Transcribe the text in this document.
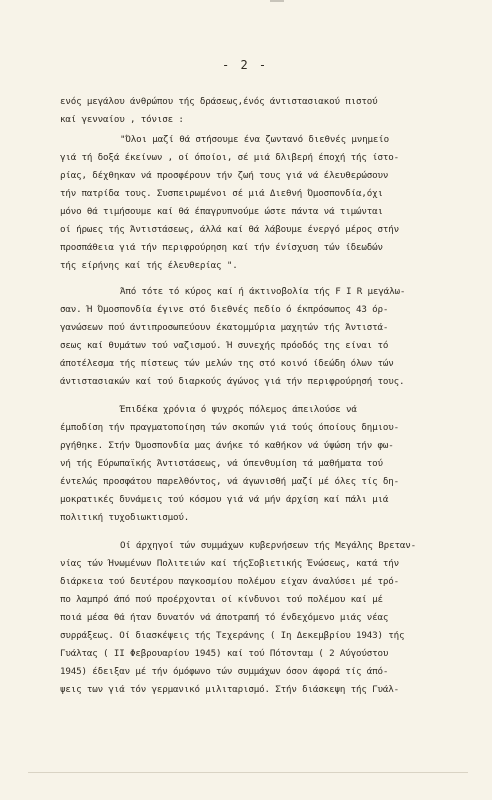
- 2 -
ενός μεγάλου άνθρώπου τής δράσεως,ένός άντιστασιακού πιστού
καί γενναίου , τόνισε :
"Όλοι μαζί θά στήσουμε ένα ζωντανό διεθνές μνημείο
γιά τή δοξά έκείνων , οί όποίοι, σέ μιά δλιβερή έποχή τής ίστο-
ρίας, δέχθηκαν νά προσφέρουν τήν ζωή τους γιά νά έλευθερώσουν
τήν πατρίδα τους. Συσπειρωμένοι σέ μιά Διεθνή Όμοσπονδία,όχι
μόνο θά τιμήσουμε καί θά έπαγρυπνούμε ώστε πάντα νά τιμώνται
οί ήρωες τής Άντιστάσεως, άλλά καί θά λάβουμε ένεργό μέρος στήν
προσπάθεια γιά τήν περιφρούρηση καί τήν ένίσχυση τών ίδεωδών
τής είρήνης καί τής έλευθερίας ".
Άπό τότε τό κύρος καί ή άκτινοβολία τής F I R μεγάλω-
σαν. Ή Όμοσπονδία έγινε στό διεθνές πεδίο ό έκπρόσωπος 43 όρ-
γανώσεων πού άντιπροσωπεύουν έκατομμύρια μαχητών τής Άντιστά-
σεως καί θυμάτων τού ναζισμού. Ή συνεχής πρόοδός της είναι τό
άποτέλεσμα τής πίστεως τών μελών της στό κοινό ίδεώδη όλων τών
άντιστασιακών καί τού διαρκούς άγώνος γιά τήν περιφρούρησή τους.
Έπιδέκα χρόνια ό ψυχρός πόλεμος άπειλούσε νά
έμποδίση τήν πραγματοποίηση τών σκοπών γιά τούς όποίους δημιου-
ργήθηκε. Στήν Όμοσπονδία μας άνήκε τό καθήκον νά ύψώση τήν φω-
νή τής Εύρωπαϊκής Άντιστάσεως, νά ύπενθυμίση τά μαθήματα τού
έντελώς προσφάτου παρελθόντος, νά άγωνισθή μαζί μέ όλες τίς δη-
μοκρατικές δυνάμεις τού κόσμου γιά νά μήν άρχίση καί πάλι μιά
πολιτική τυχοδιωκτισμού.
Οί άρχηγοί τών συμμάχων κυβερνήσεων τής Μεγάλης Βρεταν-
νίας τών Ήνωμένων Πολιτειών καί τήςΣοβιετικής Ένώσεως, κατά τήν
διάρκεια τού δευτέρου παγκοσμίου πολέμου είχαν άναλύσει μέ τρό-
πο λαμπρό άπό πού προέρχονται οί κίνδυνοι τού πολέμου καί μέ
ποιά μέσα θά ήταν δυνατόν νά άποτραπή τό ένδεχόμενο μιάς νέας
συρράξεως. Οί διασκέψεις τής Τεχεράνης ( Ιη Δεκεμβρίου 1943) τής
Γυάλτας ( ΙΙ Φεβρουαρίου 1945) καί τού Πότσνταμ ( 2 Αύγούστου
1945) έδειξαν μέ τήν όμόφωνο τών συμμάχων όσον άφορά τίς άπό-
ψεις των γιά τόν γερμανικό μιλιταρισμό. Στήν διάσκεψη τής Γυάλ-
